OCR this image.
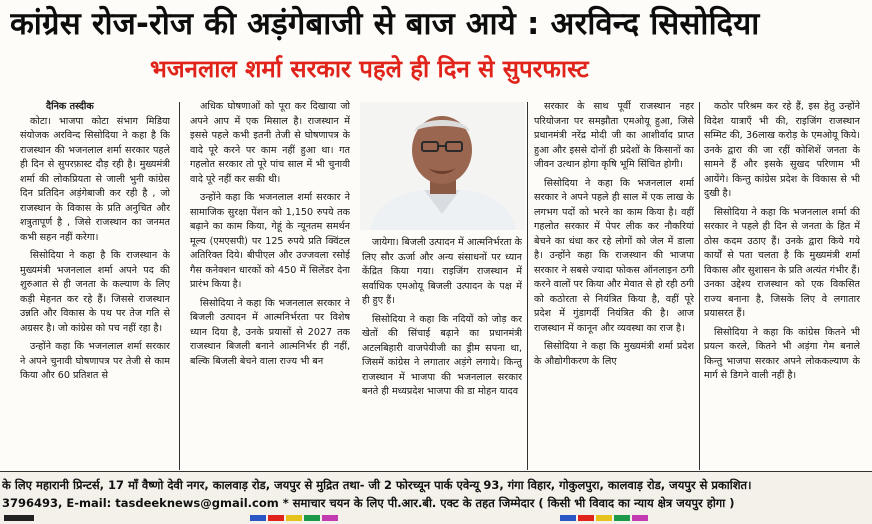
कांग्रेस रोज-रोज की अड़ंगेबाजी से बाज आये : अरविन्द सिसोदिया
भजनलाल शर्मा सरकार पहले ही दिन से सुपरफास्ट

दैनिक तस्दीक

कोटा। भाजपा कोटा संभाग मिडिया संयोजक अरविन्द सिसोदिया ने कहा है कि राजस्थान की भजनलाल शर्मा सरकार पहले ही दिन से सुपरफ़ास्ट दौड़ रही है। मुख्यमंत्री शर्मा की लोकप्रियता से जाली भुनी कांग्रेस दिन प्रतिदिन अड़ंगेबाजी कर रही है , जो राजस्थान के विकास के प्रति अनुचित और शत्रुतापूर्ण है , जिसे राजस्थान का जनमत कभी सहन नहीं करेगा।

सिसोदिया ने कहा है कि राजस्थान के मुख्यमंत्री भजनलाल शर्मा अपने पद की शुरुआत से ही जनता के कल्याण के लिए कड़ी मेहनत कर रहे हैं। जिससे राजस्थान उन्नति और विकास के पथ पर तेज गति से अग्रसर है। जो कांग्रेस को पच नहीं रहा है।

उन्होंने कहा कि भजनलाल शर्मा सरकार ने अपने चुनावी घोषणापत्र पर तेजी से काम किया और 60 प्रतिशत से

अधिक घोषणाओं को पूरा कर दिखाया जो अपने आप में एक मिसाल है। राजस्थान में इससे पहले कभी इतनी तेजी से घोषणापत्र के वादे पूरे करने पर काम नहीं हुआ था। गत गहलोत सरकार तो पूरे पांच साल में भी चुनावी वादे पूरे नहीं कर सकी थी।

उन्होंने कहा कि भजनलाल शर्मा सरकार ने सामाजिक सुरक्षा पेंशन को 1,150 रुपये तक बढ़ाने का काम किया, गेहूं के न्यूनतम समर्थन मूल्य (एमएसपी) पर 125 रुपये प्रति क्विंटल अतिरिक्त दिये। बीपीएल और उज्जवला रसोई गैस कनेक्शन धारकों को 450 में सिलेंडर देना प्रारंभ किया है।

सिसोदिया ने कहा कि भजनलाल सरकार ने बिजली उत्पादन में आत्मनिर्भरता पर विशेष ध्यान दिया है, उनके प्रयासों से 2027 तक राजस्थान बिजली बनाने आत्मनिर्भर ही नहीं, बल्कि बिजली बेचने वाला राज्य भी बन

जायेगा। बिजली उत्पादन में आत्मनिर्भरता के लिए सौर ऊर्जा और अन्य संसाधनों पर ध्यान केंद्रित किया गया। राइजिंग राजस्थान में सर्वाधिक एमओयू बिजली उत्पादन के पक्ष में ही हुए हैं।

सिसोदिया ने कहा कि नदियों को जोड़ कर खेतों की सिंचाई बढ़ाने का प्रधानमंत्री अटलबिहारी वाजपेयीजी का ड्रीम सपना था, जिसमें कांग्रेस ने लगातार अड़ंगे लगाये। किन्तु राजस्थान में भाजपा की भजनलाल सरकार बनते ही मध्यप्रदेश भाजपा की डा मोहन यादव

सरकार के साथ पूर्वी राजस्थान नहर परियोजना पर समझौता एमओयू हुआ, जिसे प्रधानमंत्री नरेंद्र मोदी जी का आशीर्वाद प्राप्त हुआ और इससे दोनों ही प्रदेशों के किसानों का जीवन उत्थान होगा कृषि भूमि सिंचित होगी।

सिसोदिया ने कहा कि भजनलाल शर्मा सरकार ने अपने पहले ही साल में एक लाख के लगभग पदों को भरने का काम किया है। वहीं गहलोत सरकार में पेपर लीक कर नौकरियां बेचने का धंधा कर रहे लोगों को जेल में डाला है। उन्होंने कहा कि राजस्थान की भाजपा सरकार ने सबसे ज्यादा फोकस ऑनलाइन ठगी करने वालों पर किया और मेवात से हो रही ठगी को कठोरता से नियंत्रित किया है, वहीं पूरे प्रदेश में गुंडागर्दी नियंत्रित की है। आज राजस्थान में कानून और व्यवस्था का राज है।

सिसोदिया ने कहा कि मुख्यमंत्री शर्मा प्रदेश के औद्योगीकरण के लिए

कठोर परिश्रम कर रहे हैं, इस हेतु उन्होंने विदेश यात्राएँ भी की, राइजिंग राजस्थान सम्मिट की, 36लाख करोड़ के एमओयू किये। उनके द्वारा की जा रहीं कोशिशें जनता के सामने हैं और इसके सुखद परिणाम भी आयेंगे। किन्तु कांग्रेस प्रदेश के विकास से भी दुखी है।

सिसोदिया ने कहा कि भजनलाल शर्मा की सरकार ने पहले ही दिन से जनता के हित में ठोस कदम उठाए हैं। उनके द्वारा किये गये कार्यों से पता चलता है कि मुख्यमंत्री शर्मा विकास और सुशासन के प्रति अत्यंत गंभीर हैं। उनका उद्देश्य राजस्थान को एक विकसित राज्य बनाना है, जिसके लिए वे लगातार प्रयासरत हैं।

सिसोदिया ने कहा कि कांग्रेस कितने भी प्रयत्न करले, कितने भी अड़ंगा गेम बनाले किन्तु भाजपा सरकार अपने लोककल्याण के मार्ग से डिगने वाली नहीं है।

के लिए महारानी प्रिन्टर्स, 17 माँ वैष्णो देवी नगर, कालवाड़ रोड, जयपुर से मुद्रित तथा- जी 2 फोरच्यून पार्क एवेन्यू 93, गंगा विहार, गोकुलपुरा, कालवाड़ रोड, जयपुर से प्रकाशित।
3796493, E-mail: tasdeeknews@gmail.com * समाचार चयन के लिए पी.आर.बी. एक्ट के तहत जिम्मेदार ( किसी भी विवाद का न्याय क्षेत्र जयपुर होगा )
